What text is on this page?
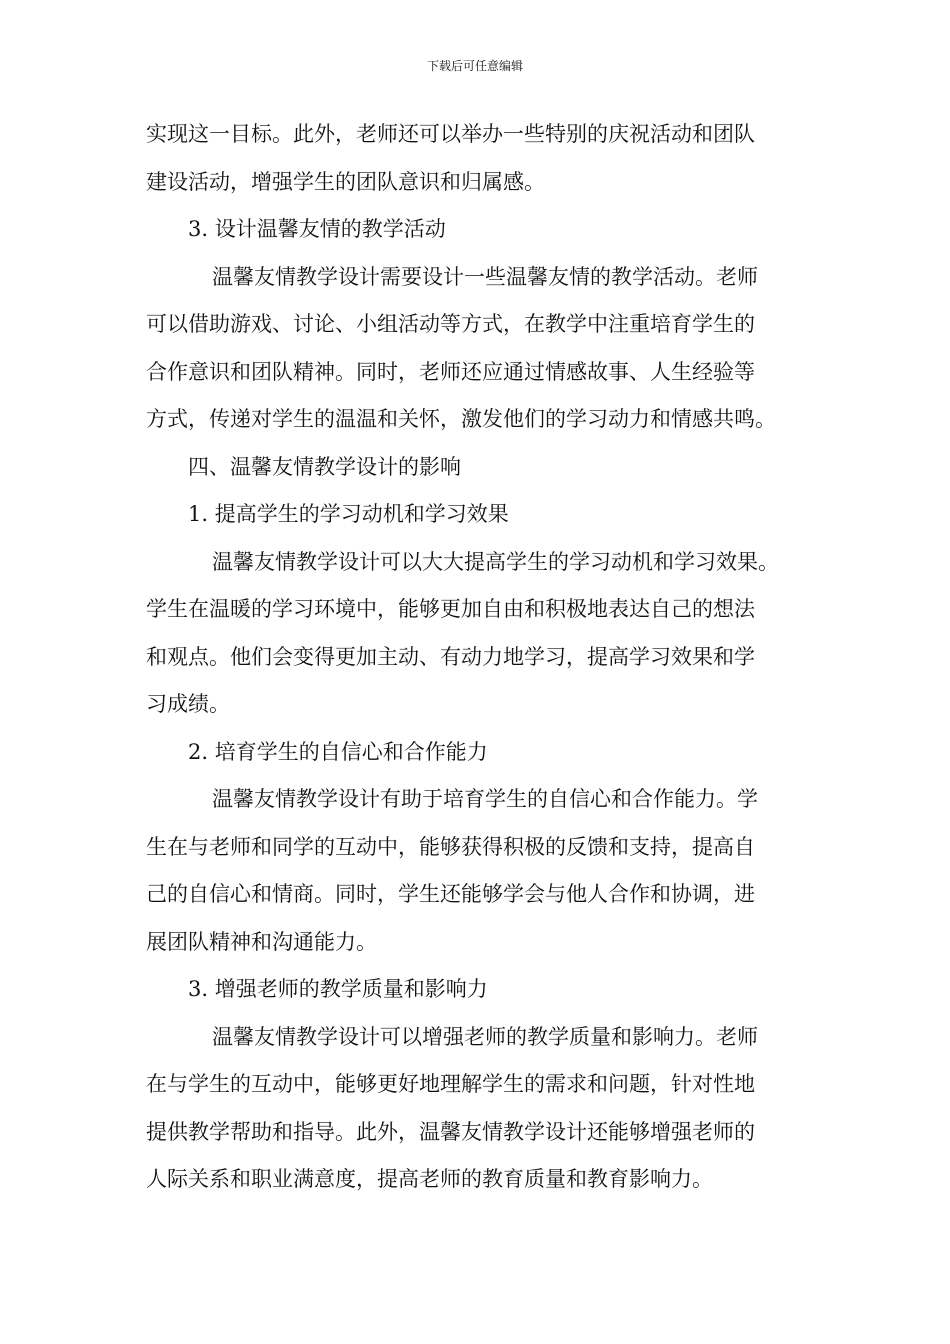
下载后可任意编辑
实现这一目标。此外，老师还可以举办一些特别的庆祝活动和团队
建设活动，增强学生的团队意识和归属感。
3. 设计温馨友情的教学活动
温馨友情教学设计需要设计一些温馨友情的教学活动。老师
可以借助游戏、讨论、小组活动等方式，在教学中注重培育学生的
合作意识和团队精神。同时，老师还应通过情感故事、人生经验等
方式，传递对学生的温温和关怀，激发他们的学习动力和情感共鸣。
四、温馨友情教学设计的影响
1. 提高学生的学习动机和学习效果
温馨友情教学设计可以大大提高学生的学习动机和学习效果。
学生在温暖的学习环境中，能够更加自由和积极地表达自己的想法
和观点。他们会变得更加主动、有动力地学习，提高学习效果和学
习成绩。
2. 培育学生的自信心和合作能力
温馨友情教学设计有助于培育学生的自信心和合作能力。学
生在与老师和同学的互动中，能够获得积极的反馈和支持，提高自
己的自信心和情商。同时，学生还能够学会与他人合作和协调，进
展团队精神和沟通能力。
3. 增强老师的教学质量和影响力
温馨友情教学设计可以增强老师的教学质量和影响力。老师
在与学生的互动中，能够更好地理解学生的需求和问题，针对性地
提供教学帮助和指导。此外，温馨友情教学设计还能够增强老师的
人际关系和职业满意度，提高老师的教育质量和教育影响力。
